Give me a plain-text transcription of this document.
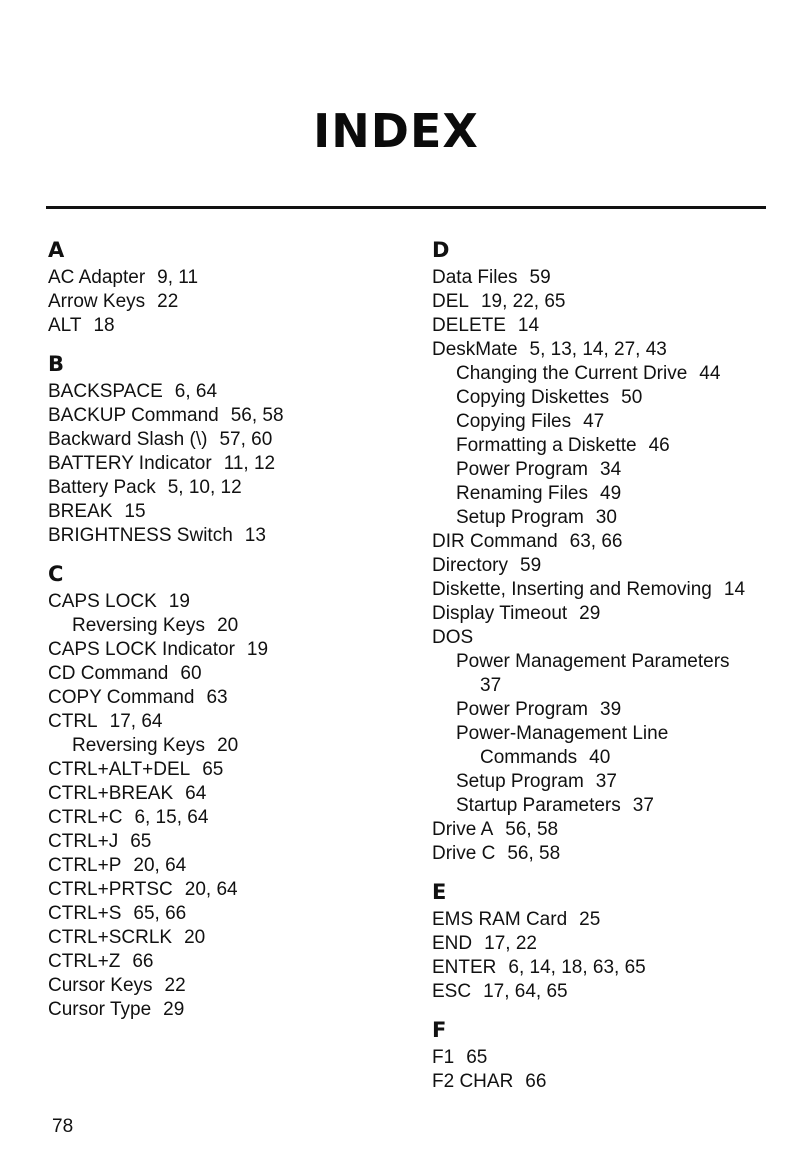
INDEX
A
AC Adapter 9, 11
Arrow Keys 22
ALT 18
B
BACKSPACE 6, 64
BACKUP Command 56, 58
Backward Slash (\) 57, 60
BATTERY Indicator 11, 12
Battery Pack 5, 10, 12
BREAK 15
BRIGHTNESS Switch 13
C
CAPS LOCK 19
Reversing Keys 20
CAPS LOCK Indicator 19
CD Command 60
COPY Command 63
CTRL 17, 64
Reversing Keys 20
CTRL+ALT+DEL 65
CTRL+BREAK 64
CTRL+C 6, 15, 64
CTRL+J 65
CTRL+P 20, 64
CTRL+PRTSC 20, 64
CTRL+S 65, 66
CTRL+SCRLK 20
CTRL+Z 66
Cursor Keys 22
Cursor Type 29
D
Data Files 59
DEL 19, 22, 65
DELETE 14
DeskMate 5, 13, 14, 27, 43
Changing the Current Drive 44
Copying Diskettes 50
Copying Files 47
Formatting a Diskette 46
Power Program 34
Renaming Files 49
Setup Program 30
DIR Command 63, 66
Directory 59
Diskette, Inserting and Removing 14
Display Timeout 29
DOS
Power Management Parameters
37
Power Program 39
Power-Management Line
Commands 40
Setup Program 37
Startup Parameters 37
Drive A 56, 58
Drive C 56, 58
E
EMS RAM Card 25
END 17, 22
ENTER 6, 14, 18, 63, 65
ESC 17, 64, 65
F
F1 65
F2 CHAR 66
78
